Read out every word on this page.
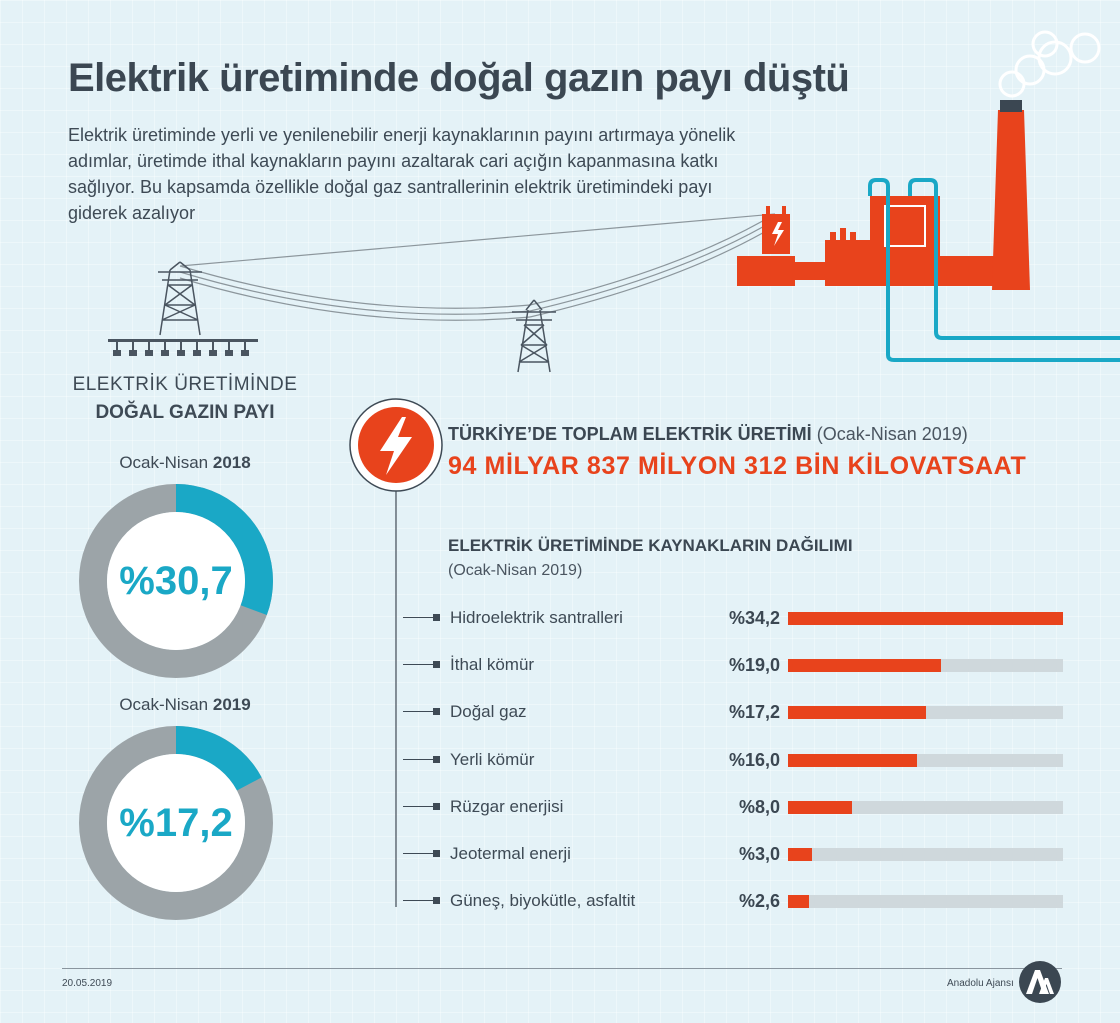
Elektrik üretiminde doğal gazın payı düştü

Elektrik üretiminde yerli ve yenilenebilir enerji kaynaklarının payını artırmaya yönelik adımlar, üretimde ithal kaynakların payını azaltarak cari açığın kapanmasına katkı sağlıyor. Bu kapsamda özellikle doğal gaz santrallerinin elektrik üretimindeki payı giderek azalıyor

ELEKTRİK ÜRETİMİNDE
DOĞAL GAZIN PAYI
Ocak-Nisan 2018
%30,7
Ocak-Nisan 2019
%17,2
TÜRKİYE’DE TOPLAM ELEKTRİK ÜRETİMİ (Ocak-Nisan 2019)
94 MİLYAR 837 MİLYON 312 BİN KİLOVATSAAT
ELEKTRİK ÜRETİMİNDE KAYNAKLARIN DAĞILIMI
(Ocak-Nisan 2019)
Hidroelektrik santralleri	%34,2
İthal kömür	%19,0
Doğal gaz	%17,2
Yerli kömür	%16,0
Rüzgar enerjisi	%8,0
Jeotermal enerji	%3,0
Güneş, biyokütle, asfaltit	%2,6
20.05.2019	Anadolu Ajansı
